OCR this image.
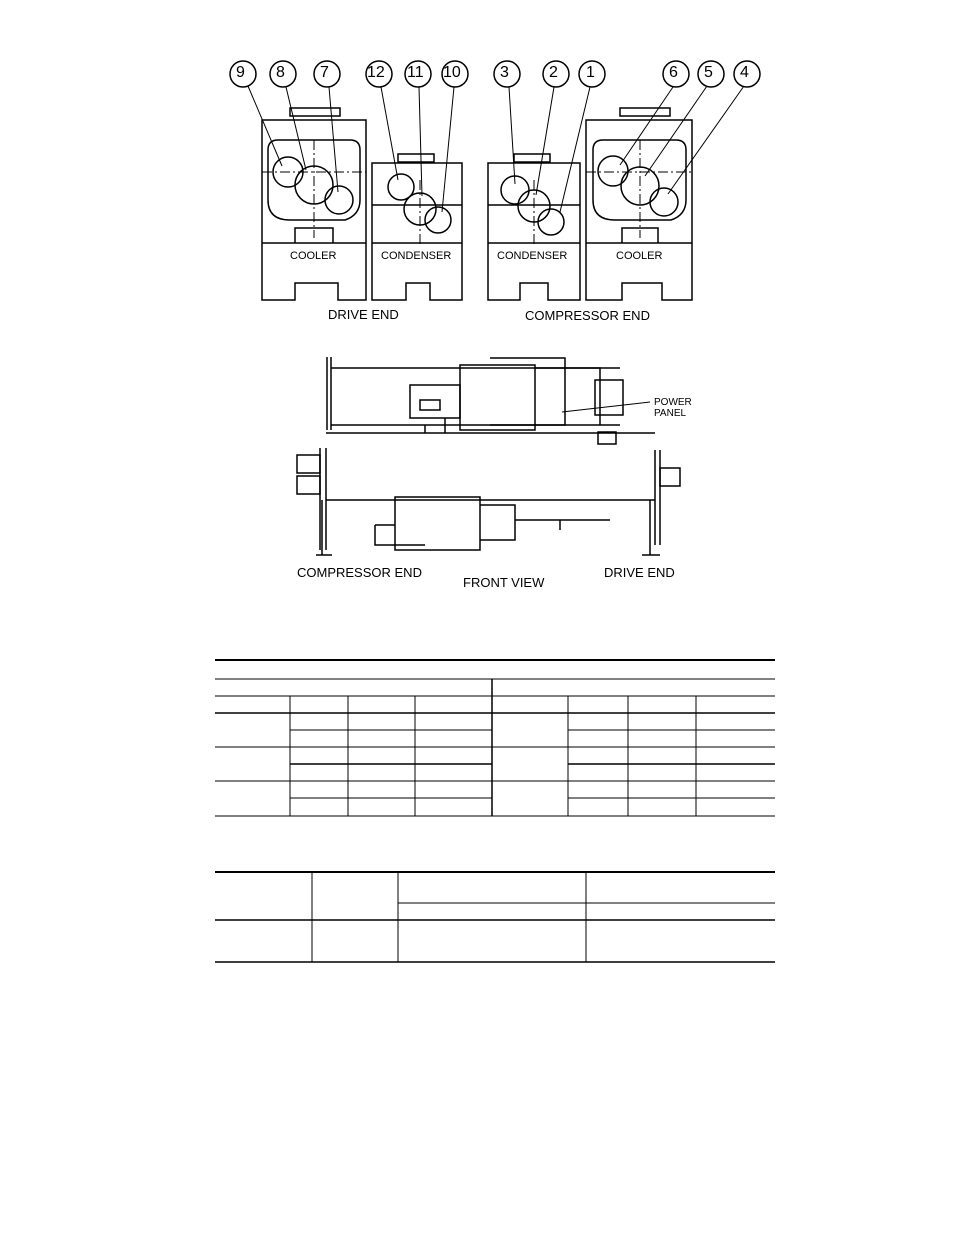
9 8 7 12 11 10 3	2 1	6 5 4
COOLER	CONDENSER	CONDENSER	COOLER
DRIVE END	COMPRESSOR END
POWER
PANEL
COMPRESSOR END
FRONT VIEW
DRIVE END
